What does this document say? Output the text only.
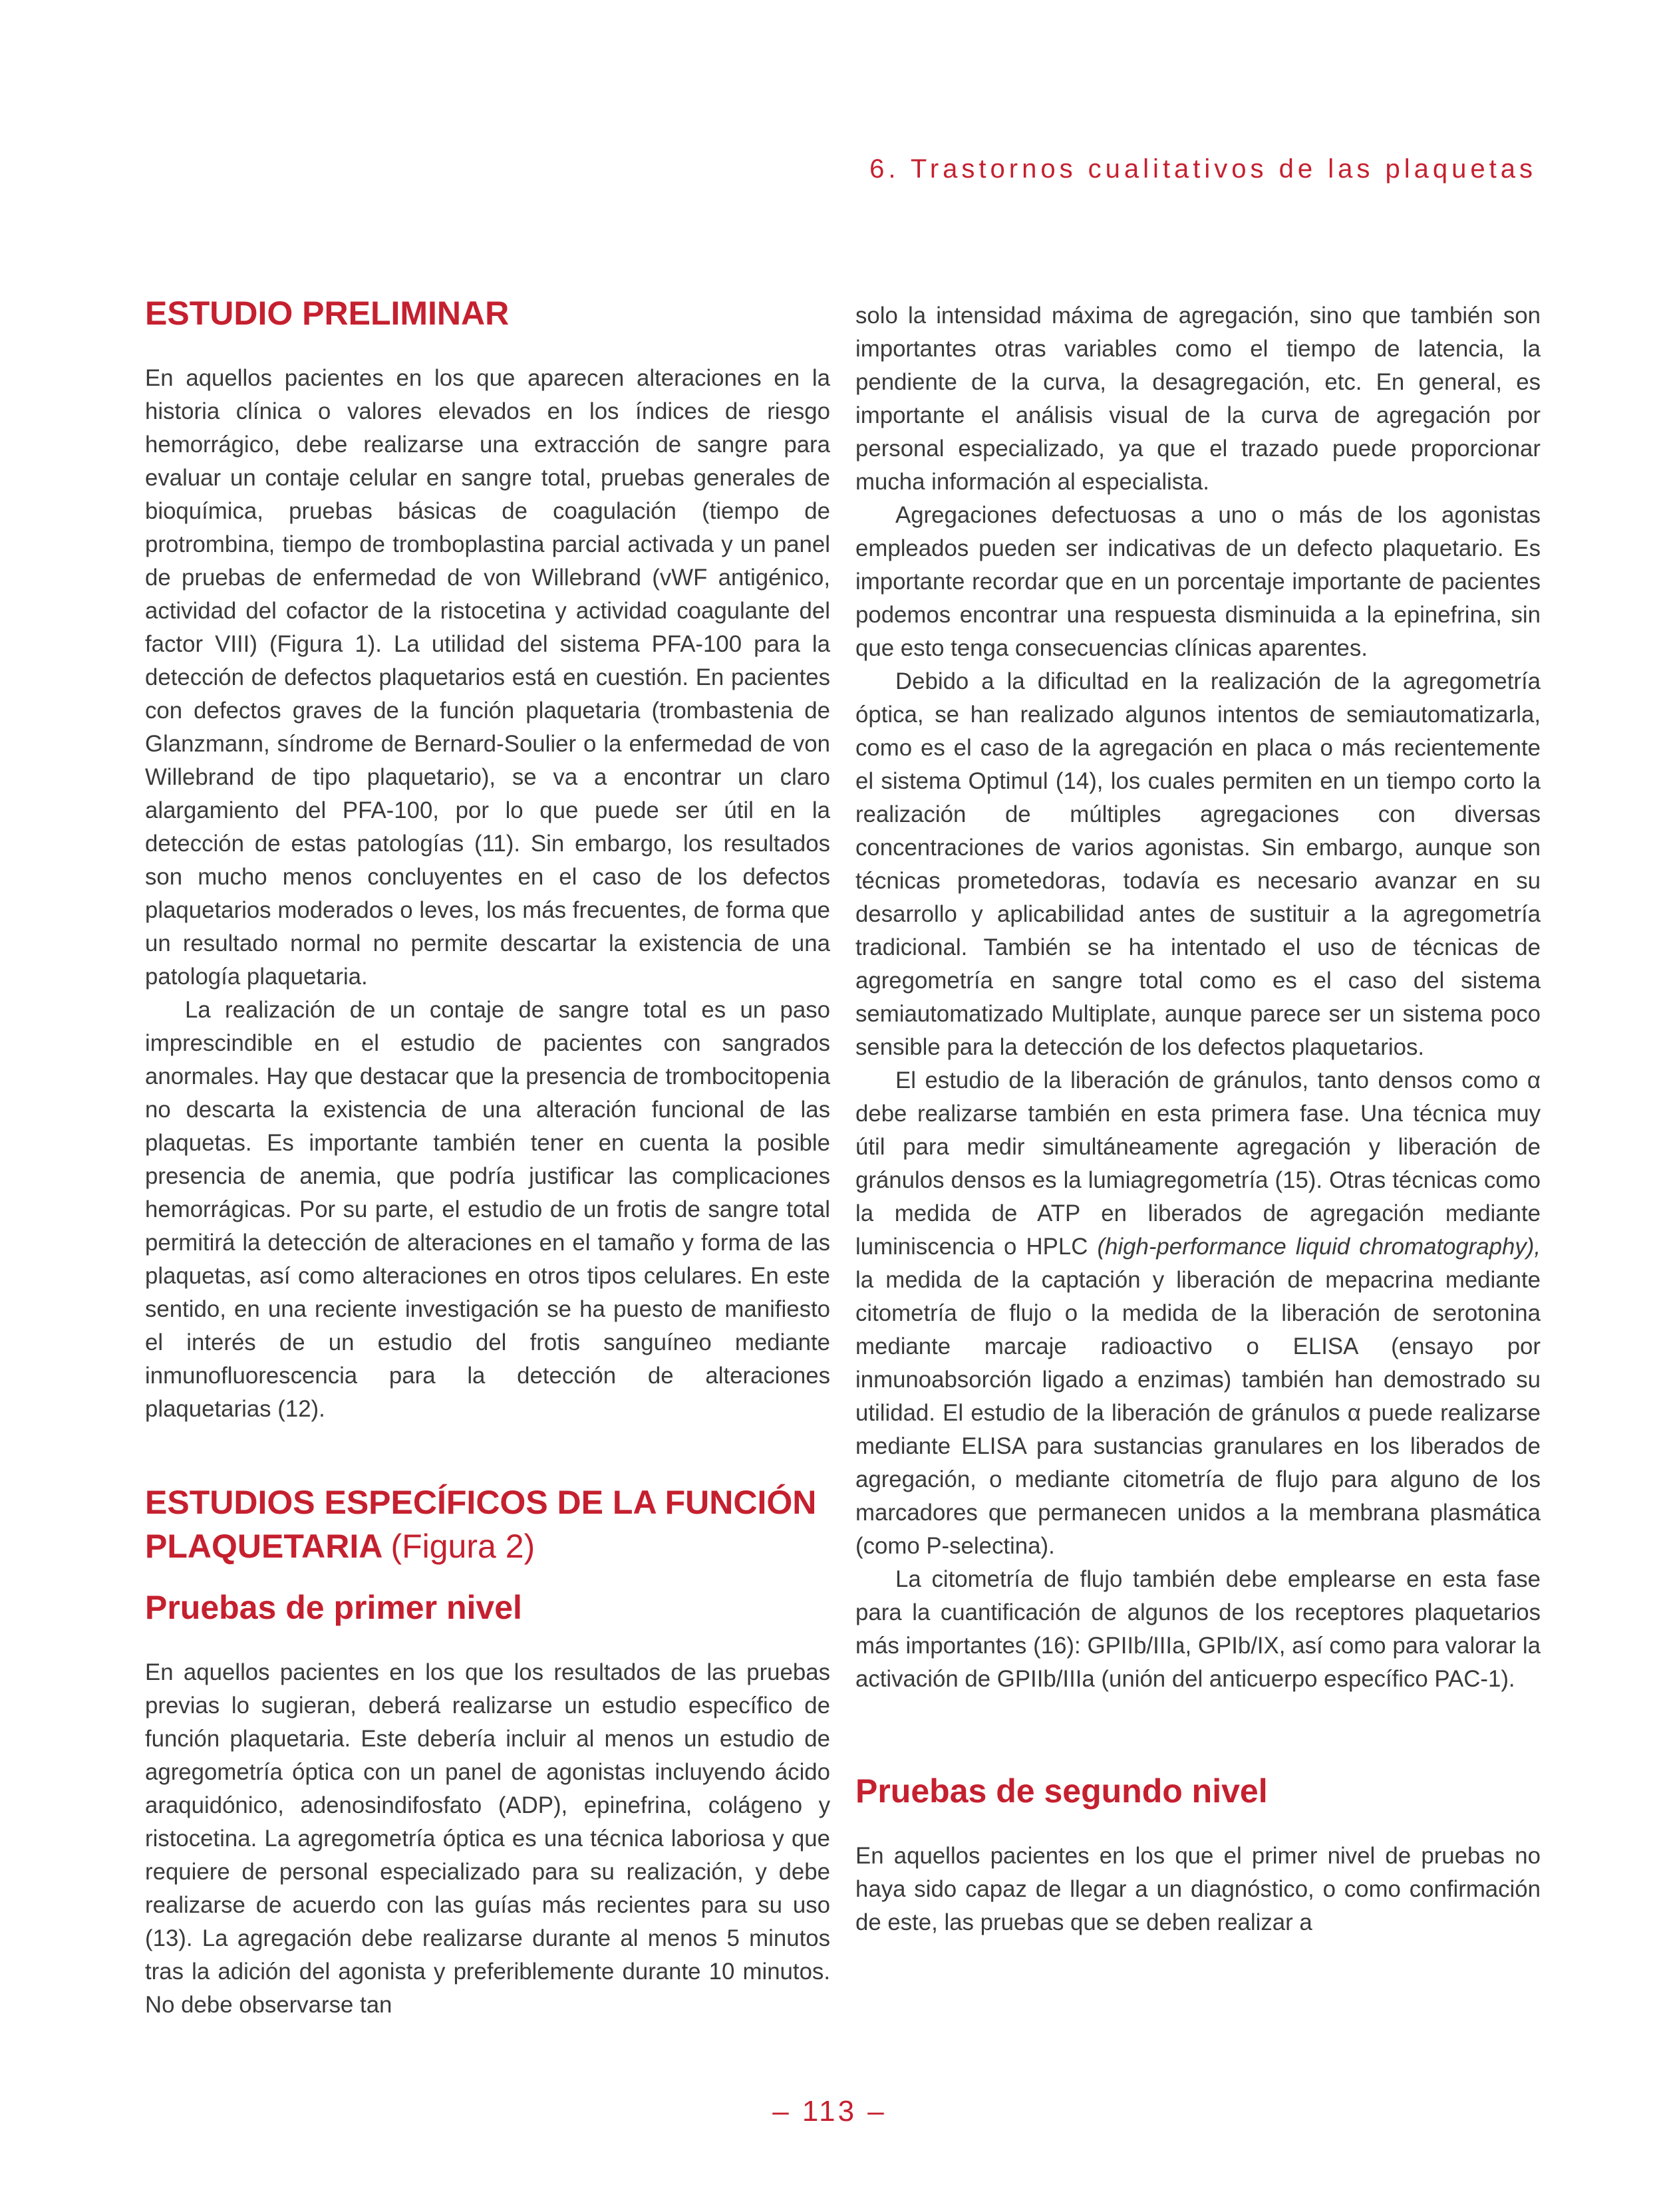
6. Trastornos cualitativos de las plaquetas
ESTUDIO PRELIMINAR

En aquellos pacientes en los que aparecen alteraciones en la historia clínica o valores elevados en los índices de riesgo hemorrágico, debe realizarse una extracción de sangre para evaluar un contaje celular en sangre total, pruebas generales de bioquímica, pruebas básicas de coagulación (tiempo de protrombina, tiempo de tromboplastina parcial activada y un panel de pruebas de enfermedad de von Willebrand (vWF antigénico, actividad del cofactor de la ristocetina y actividad coagulante del factor VIII) (Figura 1). La utilidad del sistema PFA-100 para la detección de defectos plaquetarios está en cuestión. En pacientes con defectos graves de la función plaquetaria (trombastenia de Glanzmann, síndrome de Bernard-Soulier o la enfermedad de von Willebrand de tipo plaquetario), se va a encontrar un claro alargamiento del PFA-100, por lo que puede ser útil en la detección de estas patologías (11). Sin embargo, los resultados son mucho menos concluyentes en el caso de los defectos plaquetarios moderados o leves, los más frecuentes, de forma que un resultado normal no permite descartar la existencia de una patología plaquetaria.

La realización de un contaje de sangre total es un paso imprescindible en el estudio de pacientes con sangrados anormales. Hay que destacar que la presencia de trombocitopenia no descarta la existencia de una alteración funcional de las plaquetas. Es importante también tener en cuenta la posible presencia de anemia, que podría justificar las complicaciones hemorrágicas. Por su parte, el estudio de un frotis de sangre total permitirá la detección de alteraciones en el tamaño y forma de las plaquetas, así como alteraciones en otros tipos celulares. En este sentido, en una reciente investigación se ha puesto de manifiesto el interés de un estudio del frotis sanguíneo mediante inmunofluorescencia para la detección de alteraciones plaquetarias (12).

ESTUDIOS ESPECÍFICOS DE LA FUNCIÓN PLAQUETARIA (Figura 2)
Pruebas de primer nivel

En aquellos pacientes en los que los resultados de las pruebas previas lo sugieran, deberá realizarse un estudio específico de función plaquetaria. Este debería incluir al menos un estudio de agregometría óptica con un panel de agonistas incluyendo ácido araquidónico, adenosindifosfato (ADP), epinefrina, colágeno y ristocetina. La agregometría óptica es una técnica laboriosa y que requiere de personal especializado para su realización, y debe realizarse de acuerdo con las guías más recientes para su uso (13). La agregación debe realizarse durante al menos 5 minutos tras la adición del agonista y preferiblemente durante 10 minutos. No debe observarse tan

solo la intensidad máxima de agregación, sino que también son importantes otras variables como el tiempo de latencia, la pendiente de la curva, la desagregación, etc. En general, es importante el análisis visual de la curva de agregación por personal especializado, ya que el trazado puede proporcionar mucha información al especialista.

Agregaciones defectuosas a uno o más de los agonistas empleados pueden ser indicativas de un defecto plaquetario. Es importante recordar que en un porcentaje importante de pacientes podemos encontrar una respuesta disminuida a la epinefrina, sin que esto tenga consecuencias clínicas aparentes.

Debido a la dificultad en la realización de la agregometría óptica, se han realizado algunos intentos de semiautomatizarla, como es el caso de la agregación en placa o más recientemente el sistema Optimul (14), los cuales permiten en un tiempo corto la realización de múltiples agregaciones con diversas concentraciones de varios agonistas. Sin embargo, aunque son técnicas prometedoras, todavía es necesario avanzar en su desarrollo y aplicabilidad antes de sustituir a la agregometría tradicional. También se ha intentado el uso de técnicas de agregometría en sangre total como es el caso del sistema semiautomatizado Multiplate, aunque parece ser un sistema poco sensible para la detección de los defectos plaquetarios.

El estudio de la liberación de gránulos, tanto densos como α debe realizarse también en esta primera fase. Una técnica muy útil para medir simultáneamente agregación y liberación de gránulos densos es la lumiagregometría (15). Otras técnicas como la medida de ATP en liberados de agregación mediante luminiscencia o HPLC (high-performance liquid chromatography), la medida de la captación y liberación de mepacrina mediante citometría de flujo o la medida de la liberación de serotonina mediante marcaje radioactivo o ELISA (ensayo por inmunoabsorción ligado a enzimas) también han demostrado su utilidad. El estudio de la liberación de gránulos α puede realizarse mediante ELISA para sustancias granulares en los liberados de agregación, o mediante citometría de flujo para alguno de los marcadores que permanecen unidos a la membrana plasmática (como P-selectina).

La citometría de flujo también debe emplearse en esta fase para la cuantificación de algunos de los receptores plaquetarios más importantes (16): GPIIb/IIIa, GPIb/IX, así como para valorar la activación de GPIIb/IIIa (unión del anticuerpo específico PAC-1).

Pruebas de segundo nivel

En aquellos pacientes en los que el primer nivel de pruebas no haya sido capaz de llegar a un diagnóstico, o como confirmación de este, las pruebas que se deben realizar a

– 113 –
